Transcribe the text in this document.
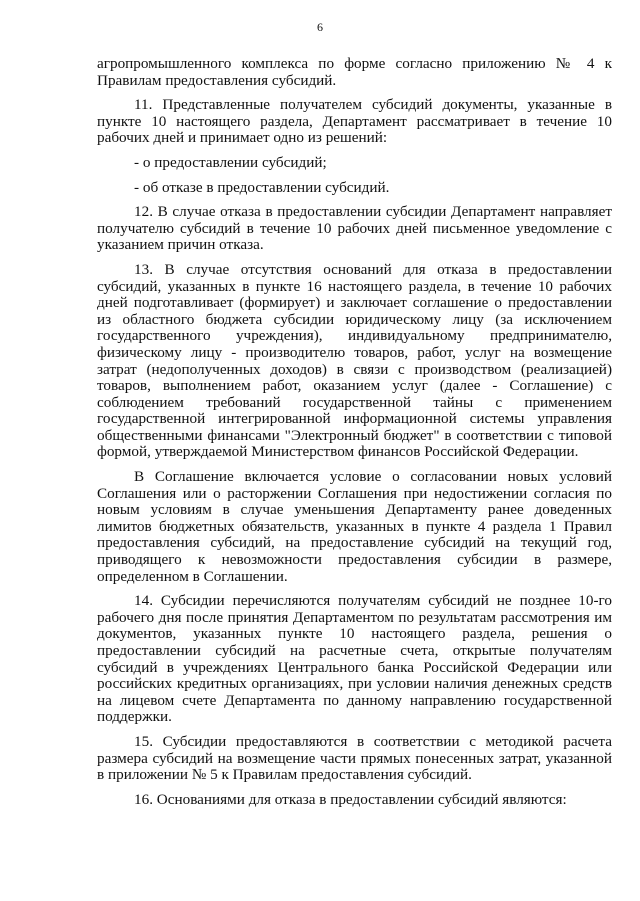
6

агропромышленного комплекса по форме согласно приложению № 4 к Правилам предоставления субсидий.

11. Представленные получателем субсидий документы, указанные в пункте 10 настоящего раздела, Департамент рассматривает в течение 10 рабочих дней и принимает одно из решений:

- о предоставлении субсидий;

- об отказе в предоставлении субсидий.

12. В случае отказа в предоставлении субсидии Департамент направляет получателю субсидий в течение 10 рабочих дней письменное уведомление с указанием причин отказа.

13. В случае отсутствия оснований для отказа в предоставлении субсидий, указанных в пункте 16 настоящего раздела, в течение 10 рабочих дней подготавливает (формирует) и заключает соглашение о предоставлении из областного бюджета субсидии юридическому лицу (за исключением государственного учреждения), индивидуальному предпринимателю, физическому лицу - производителю товаров, работ, услуг на возмещение затрат (недополученных доходов) в связи с производством (реализацией) товаров, выполнением работ, оказанием услуг (далее - Соглашение) с соблюдением требований государственной тайны с применением государственной интегрированной информационной системы управления общественными финансами "Электронный бюджет" в соответствии с типовой формой, утверждаемой Министерством финансов Российской Федерации.

В Соглашение включается условие о согласовании новых условий Соглашения или о расторжении Соглашения при недостижении согласия по новым условиям в случае уменьшения Департаменту ранее доведенных лимитов бюджетных обязательств, указанных в пункте 4 раздела 1 Правил предоставления субсидий, на предоставление субсидий на текущий год, приводящего к невозможности предоставления субсидии в размере, определенном в Соглашении.

14. Субсидии перечисляются получателям субсидий не позднее 10-го рабочего дня после принятия Департаментом по результатам рассмотрения им документов, указанных пункте 10 настоящего раздела, решения о предоставлении субсидий на расчетные счета, открытые получателям субсидий в учреждениях Центрального банка Российской Федерации или российских кредитных организациях, при условии наличия денежных средств на лицевом счете Департамента по данному направлению государственной поддержки.

15. Субсидии предоставляются в соответствии с методикой расчета размера субсидий на возмещение части прямых понесенных затрат, указанной в приложении № 5 к Правилам предоставления субсидий.

16. Основаниями для отказа в предоставлении субсидий являются:
